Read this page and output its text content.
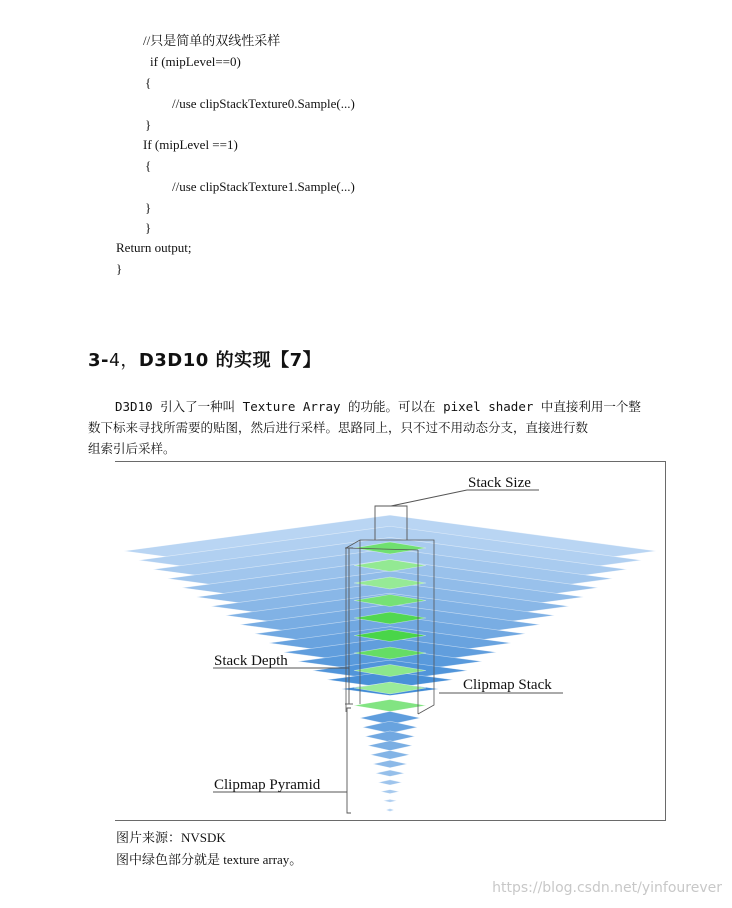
//只是简单的双线性采样
if (mipLevel==0)
{
//use clipStackTexture0.Sample(...)
}
If (mipLevel ==1)
{
//use clipStackTexture1.Sample(...)
}
}
Return output;
}
3-4，D3D10 的实现【7】
D3D10 引入了一种叫 Texture Array 的功能。可以在 pixel shader 中直接利用一个整
数下标来寻找所需要的贴图，然后进行采样。思路同上，只不过不用动态分支，直接进行数
组索引后采样。
Stack Size
Stack Depth
Clipmap Stack
Clipmap Pyramid
图片来源：NVSDK
图中绿色部分就是 texture array。
https://blog.csdn.net/yinfourever
